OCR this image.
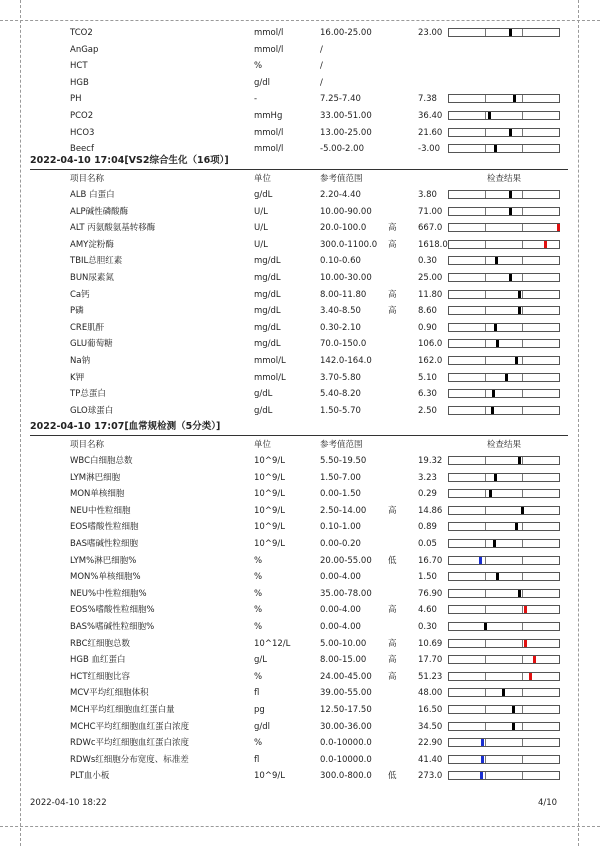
TCO2	mmol/l	16.00-25.00	23.00
AnGap	mmol/l	/
HCT	%	/
HGB	g/dl	/
PH	-	7.25-7.40	7.38
PCO2	mmHg	33.00-51.00	36.40
HCO3	mmol/l	13.00-25.00	21.60
Beecf	mmol/l	-5.00-2.00	-3.00
2022-04-10 17:04[VS2综合生化（16项）]
项目名称	单位	参考值范围	检查结果
ALB 白蛋白	g/dL	2.20-4.40	3.80
ALP碱性磷酸酶	U/L	10.00-90.00	71.00
ALT 丙氨酸氨基转移酶	U/L	20.0-100.0	高	667.0
AMY淀粉酶	U/L	300.0-1100.0 高	1618.0
TBIL总胆红素	mg/dL	0.10-0.60	0.30
BUN尿素氮	mg/dL	10.00-30.00	25.00
Ca钙	mg/dL	8.00-11.80	高	11.80
P磷	mg/dL	3.40-8.50	高	8.60
CRE肌酐	mg/dL	0.30-2.10	0.90
GLU葡萄糖	mg/dL	70.0-150.0	106.0
Na钠	mmol/L	142.0-164.0	162.0
K钾	mmol/L	3.70-5.80	5.10
TP总蛋白	g/dL	5.40-8.20	6.30
GLO球蛋白	g/dL	1.50-5.70	2.50
2022-04-10 17:07[血常规检测（5分类）]
项目名称	单位	参考值范围	检查结果
WBC白细胞总数	10^9/L	5.50-19.50	19.32
LYM淋巴细胞	10^9/L	1.50-7.00	3.23
MON单核细胞	10^9/L	0.00-1.50	0.29
NEU中性粒细胞	10^9/L	2.50-14.00	高	14.86
EOS嗜酸性粒细胞	10^9/L	0.10-1.00	0.89
BAS嗜碱性粒细胞	10^9/L	0.00-0.20	0.05
LYM%淋巴细胞%	%	20.00-55.00 低	16.70
MON%单核细胞%	%	0.00-4.00	1.50
NEU%中性粒细胞%	%	35.00-78.00	76.90
EOS%嗜酸性粒细胞%	%	0.00-4.00	高	4.60
BAS%嗜碱性粒细胞%	%	0.00-4.00	0.30
RBC红细胞总数	10^12/L	5.00-10.00	高	10.69
HGB 血红蛋白	g/L	8.00-15.00	高	17.70
HCT红细胞比容	%	24.00-45.00 高	51.23
MCV平均红细胞体积	fl	39.00-55.00	48.00
MCH平均红细胞血红蛋白量	pg	12.50-17.50	16.50
MCHC平均红细胞血红蛋白浓度	g/dl	30.00-36.00	34.50
RDWc平均红细胞血红蛋白浓度	%	0.0-10000.0	22.90
RDWs红细胞分布宽度、标准差	fl	0.0-10000.0	41.40
PLT血小板	10^9/L	300.0-800.0 低	273.0
2022-04-10 18:22	4/10
